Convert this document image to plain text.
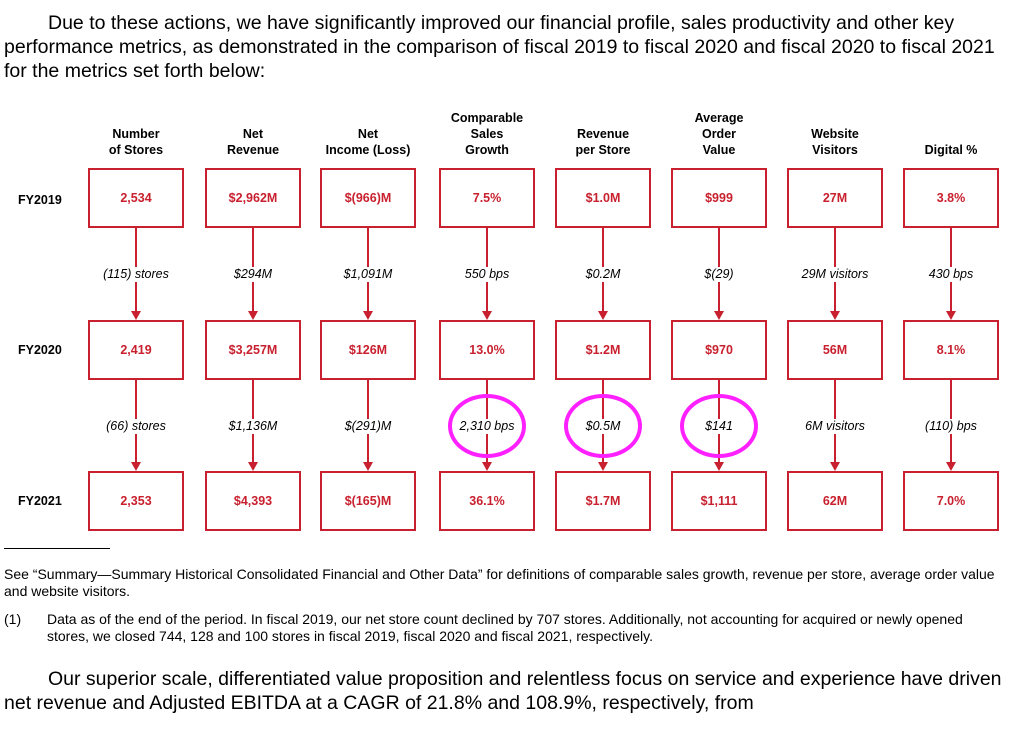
Due to these actions, we have significantly improved our financial profile, sales productivity and other key performance metrics, as demonstrated in the comparison of fiscal 2019 to fiscal 2020 and fiscal 2020 to fiscal 2021 for the metrics set forth below:

FY2019
FY2020
FY2021
Number
of Stores
2,534
2,419
2,353
(115) stores
(66) stores
Net
Revenue
$2,962M
$3,257M
$4,393
$294M
$1,136M
Net
Income (Loss)
$(966)M
$126M
$(165)M
$1,091M
$(291)M
Comparable
Sales
Growth
7.5%
13.0%
36.1%
550 bps
2,310 bps
Revenue
per Store
$1.0M
$1.2M
$1.7M
$0.2M
$0.5M
Average
Order
Value
$999
$970
$1,111
$(29)
$141
Website
Visitors
27M
56M
62M
29M visitors
6M visitors
Digital %
3.8%
8.1%
7.0%
430 bps
(110) bps

See “Summary—Summary Historical Consolidated Financial and Other Data” for definitions of comparable sales growth, revenue per store, average order value and website visitors.

(1) Data as of the end of the period. In fiscal 2019, our net store count declined by 707 stores. Additionally, not accounting for acquired or newly opened stores, we closed 744, 128 and 100 stores in fiscal 2019, fiscal 2020 and fiscal 2021, respectively.

Our superior scale, differentiated value proposition and relentless focus on service and experience have driven net revenue and Adjusted EBITDA at a CAGR of 21.8% and 108.9%, respectively, from
